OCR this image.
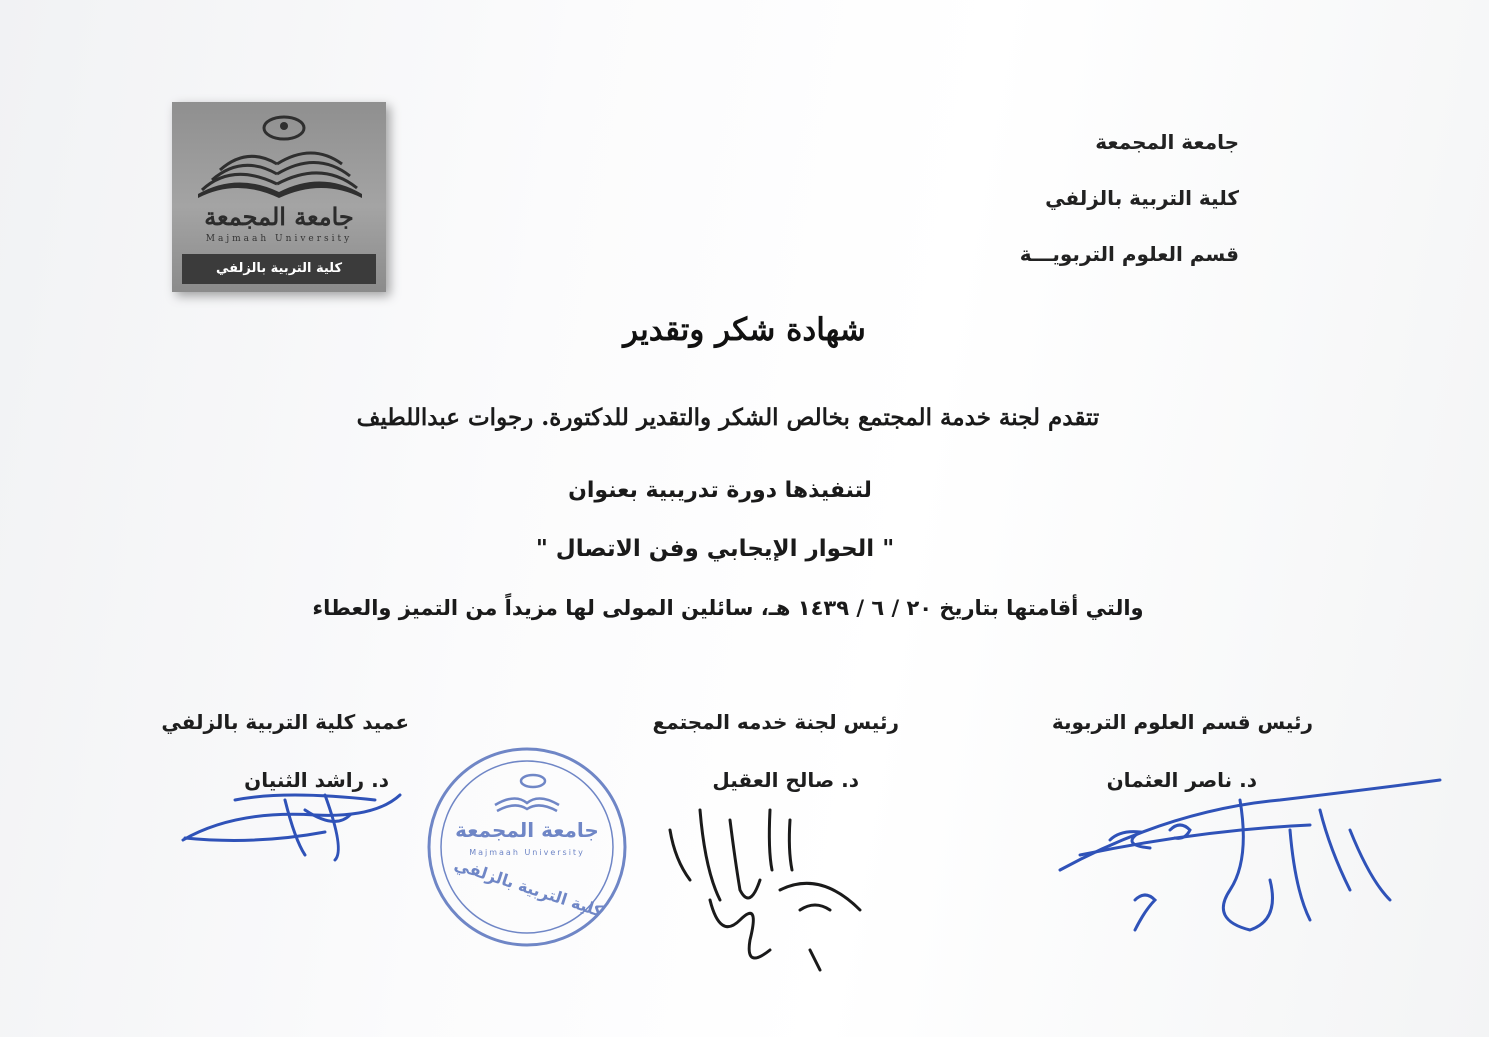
جامعة المجمعة
كلية التربية بالزلفي
قسم العلوم التربويـــة
جامعة المجمعة
Majmaah University
كلية التربية بالزلفي
شهادة شكر وتقدير
تتقدم لجنة خدمة المجتمع بخالص الشكر والتقدير للدكتورة. رجوات عبداللطيف
لتنفيذها دورة تدريبية بعنوان
" الحوار الإيجابي وفن الاتصال "
والتي أقامتها بتاريخ ٢٠ / ٦ / ١٤٣٩ هـ، سائلين المولى لها مزيداً من التميز والعطاء
رئيس قسم العلوم التربوية
د. ناصر العثمان
رئيس لجنة خدمه المجتمع
د. صالح العقيل
عميد كلية التربية بالزلفي
د. راشد الثنيان
جامعة المجمعة
Majmaah University
كلية التربية بالزلفي
